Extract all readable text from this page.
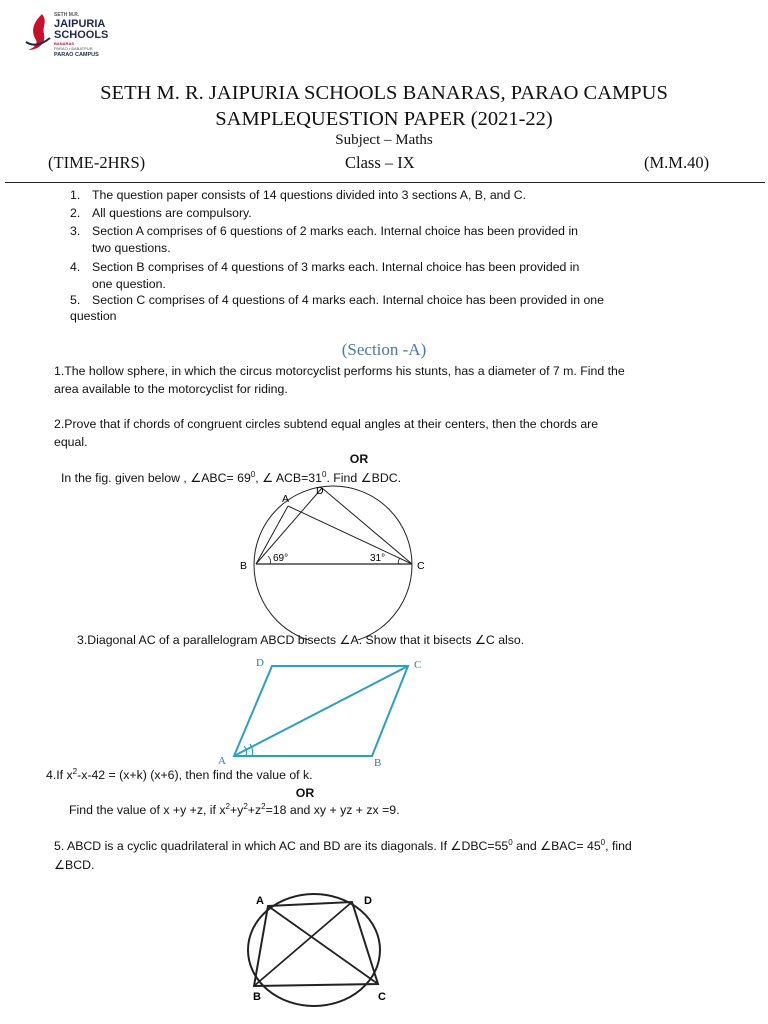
SETH M.R.
JAIPURIA
SCHOOLS
BANARAS
PARAO • BABATPUR
PARAO CAMPUS
SETH M. R. JAIPURIA SCHOOLS BANARAS, PARAO CAMPUS
SAMPLEQUESTION PAPER (2021-22)
Subject – Maths
(TIME-2HRS)	Class – IX	(M.M.40)
1. The question paper consists of 14 questions divided into 3 sections A, B, and C.
2. All questions are compulsory.
3. Section A comprises of 6 questions of 2 marks each. Internal choice has been provided in
two questions.
4. Section B comprises of 4 questions of 3 marks each. Internal choice has been provided in
one question.
5. Section C comprises of 4 questions of 4 marks each. Internal choice has been provided in one
question
(Section -A)
1.The hollow sphere, in which the circus motorcyclist performs his stunts, has a diameter of 7 m. Find the
area available to the motorcyclist for riding.
2.Prove that if chords of congruent circles subtend equal angles at their centers, then the chords are
equal.
OR
In the fig. given below , ∠ABC= $69^0$, ∠ $ACB=31^0$. Find ∠BDC.
A
D
B	C
69°	31°
3.Diagonal AC of a parallelogram ABCD bisects ∠A. Show that it bisects ∠C also.
D	C
A	B
4.If $x^2-x-42 = (x+k)$ (x+6), then find the value of k.
OR
Find the value of x +y +z, if $x^2+y^2+z^2=18$ and xy + yz + zx =9.
5. ABCD is a cyclic quadrilateral in which AC and BD are its diagonals. If $\angle DBC=55^0$ and ∠BAC= $45^0$, find
∠BCD.
A	D
B	C
